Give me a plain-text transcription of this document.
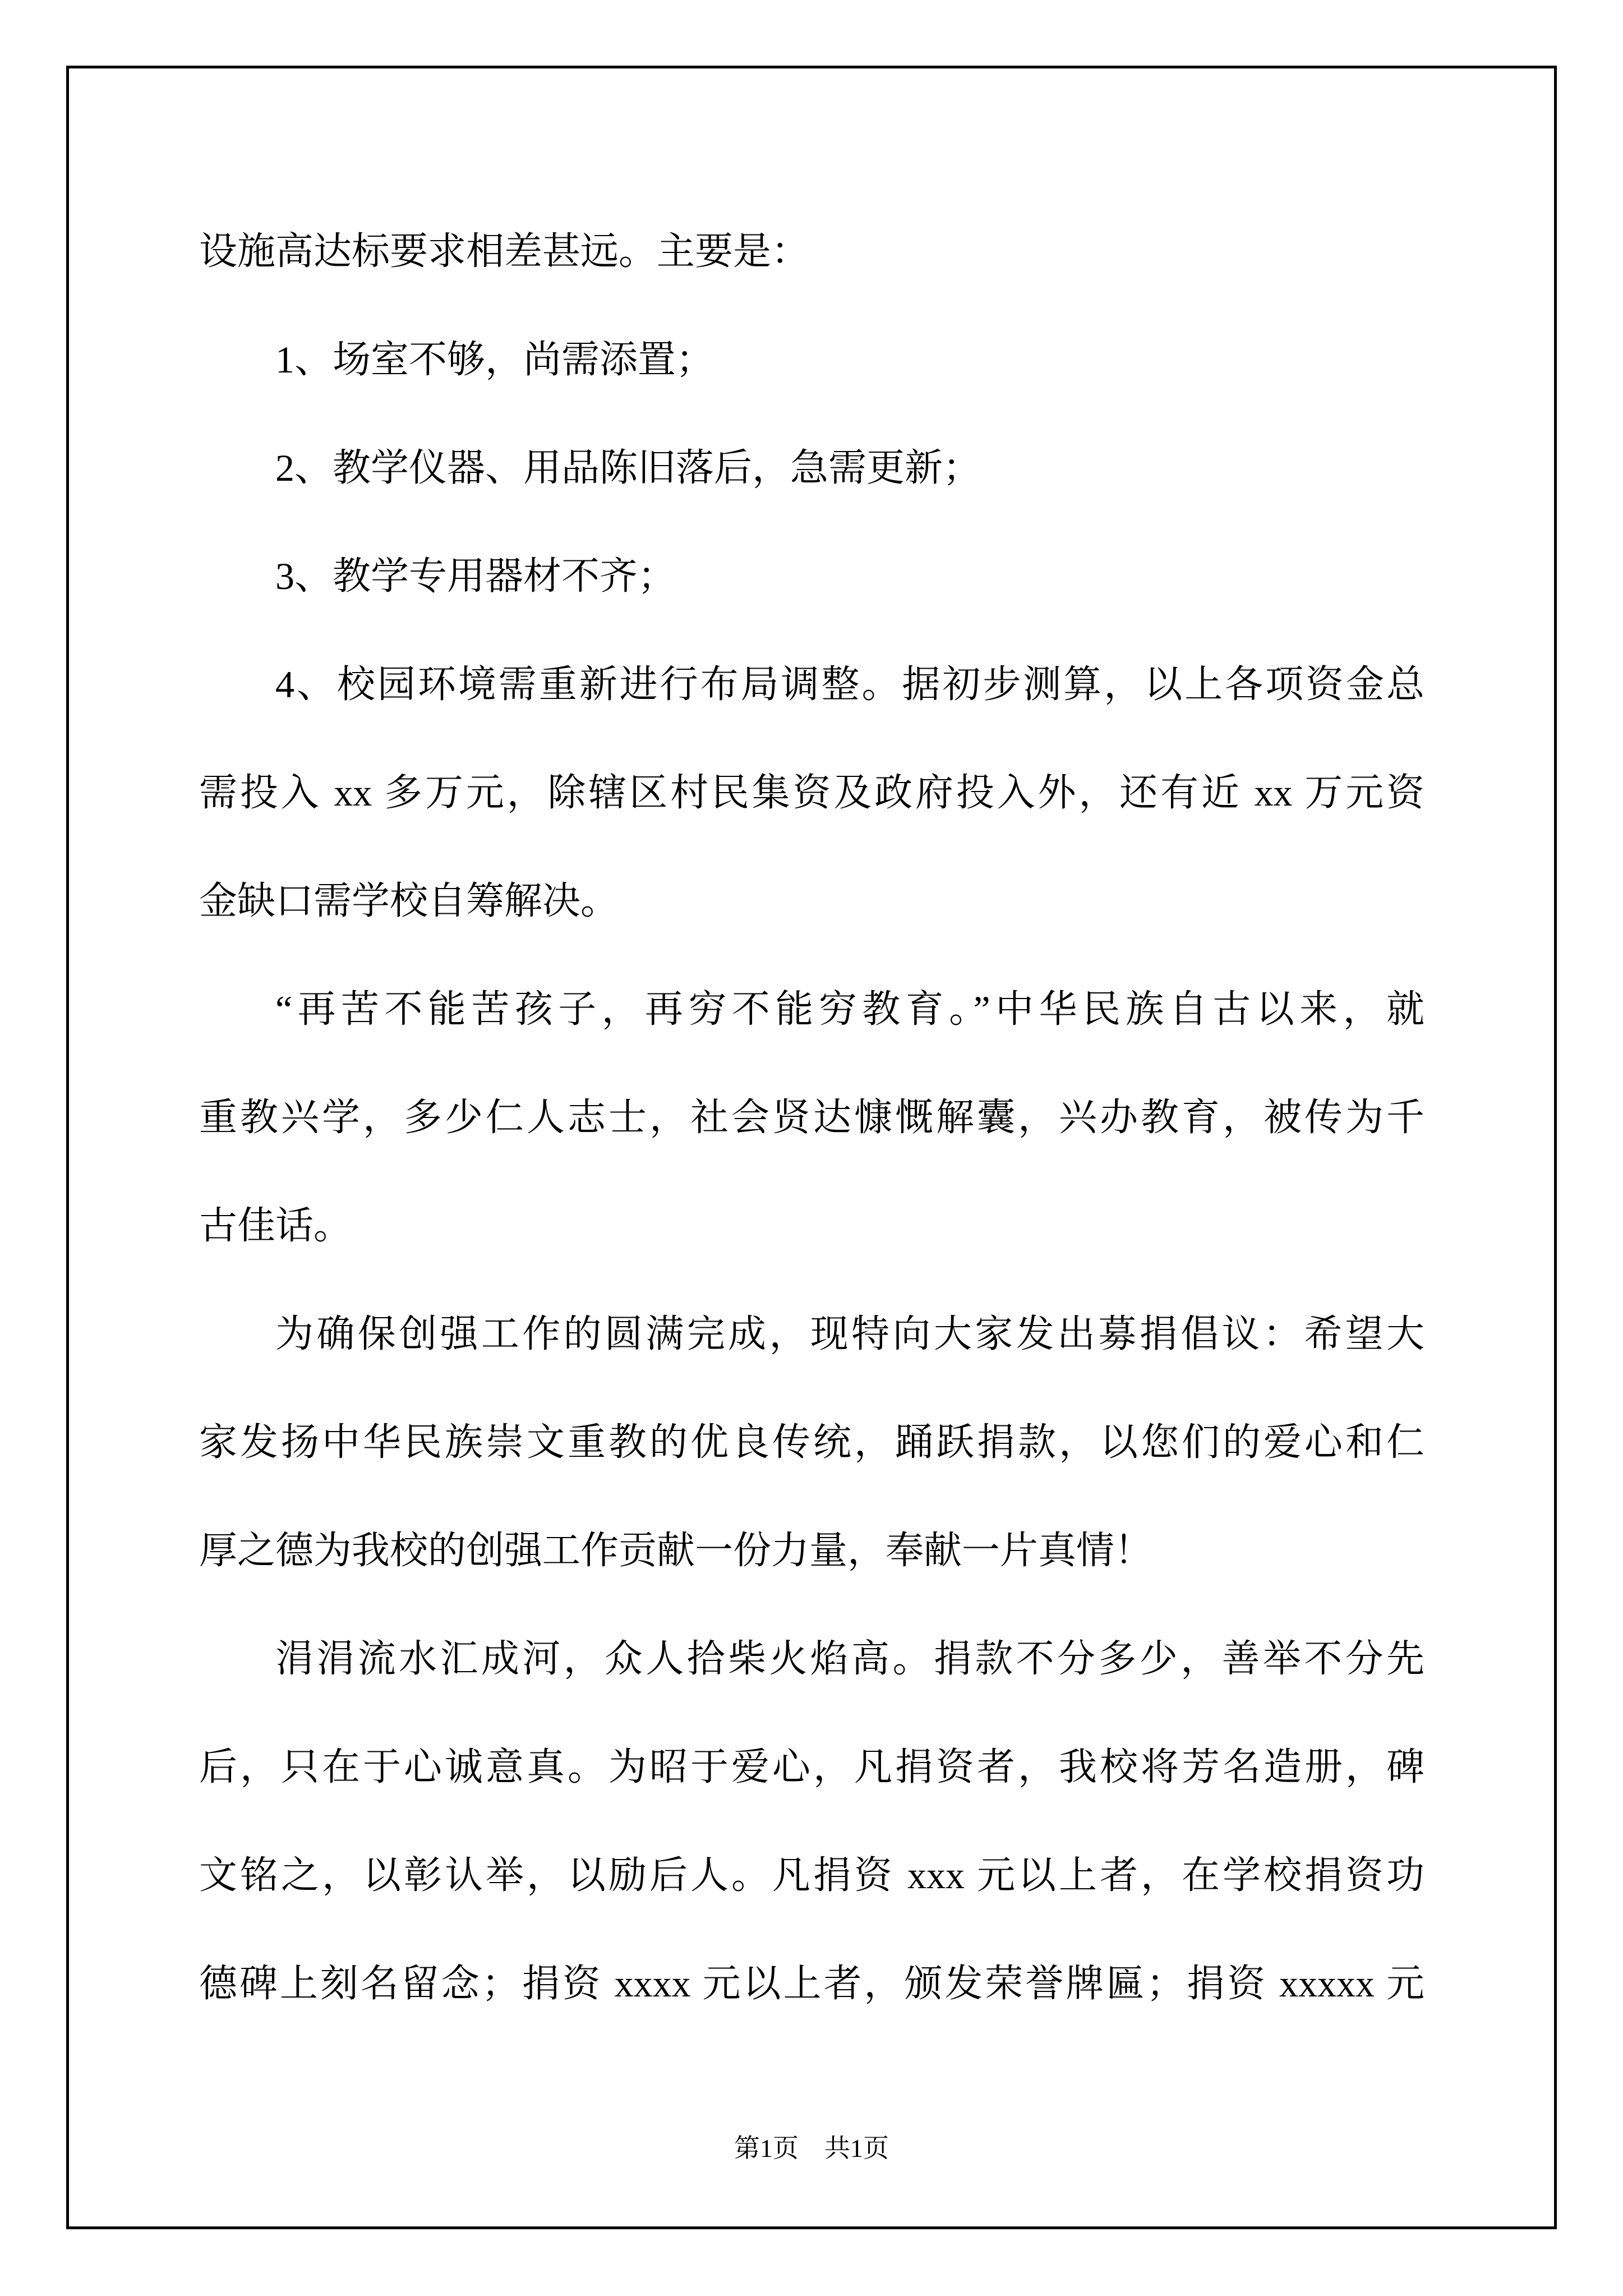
设施高达标要求相差甚远。主要是：
1、场室不够，尚需添置；
2、教学仪器、用品陈旧落后，急需更新；
3、教学专用器材不齐；
4、校园环境需重新进行布局调整。据初步测算，以上各项资金总
需投入 xx 多万元，除辖区村民集资及政府投入外，还有近 xx 万元资
金缺口需学校自筹解决。
“再苦不能苦孩子，再穷不能穷教育。”中华民族自古以来，就
重教兴学，多少仁人志士，社会贤达慷慨解囊，兴办教育，被传为千
古佳话。
为确保创强工作的圆满完成，现特向大家发出募捐倡议：希望大
家发扬中华民族崇文重教的优良传统，踊跃捐款，以您们的爱心和仁
厚之德为我校的创强工作贡献一份力量，奉献一片真情！
涓涓流水汇成河，众人拾柴火焰高。捐款不分多少，善举不分先
后，只在于心诚意真。为昭于爱心，凡捐资者，我校将芳名造册，碑
文铭之，以彰认举，以励后人。凡捐资 xxx 元以上者，在学校捐资功
德碑上刻名留念；捐资 xxxx 元以上者，颁发荣誉牌匾；捐资 xxxxx 元
第1页　共1页
